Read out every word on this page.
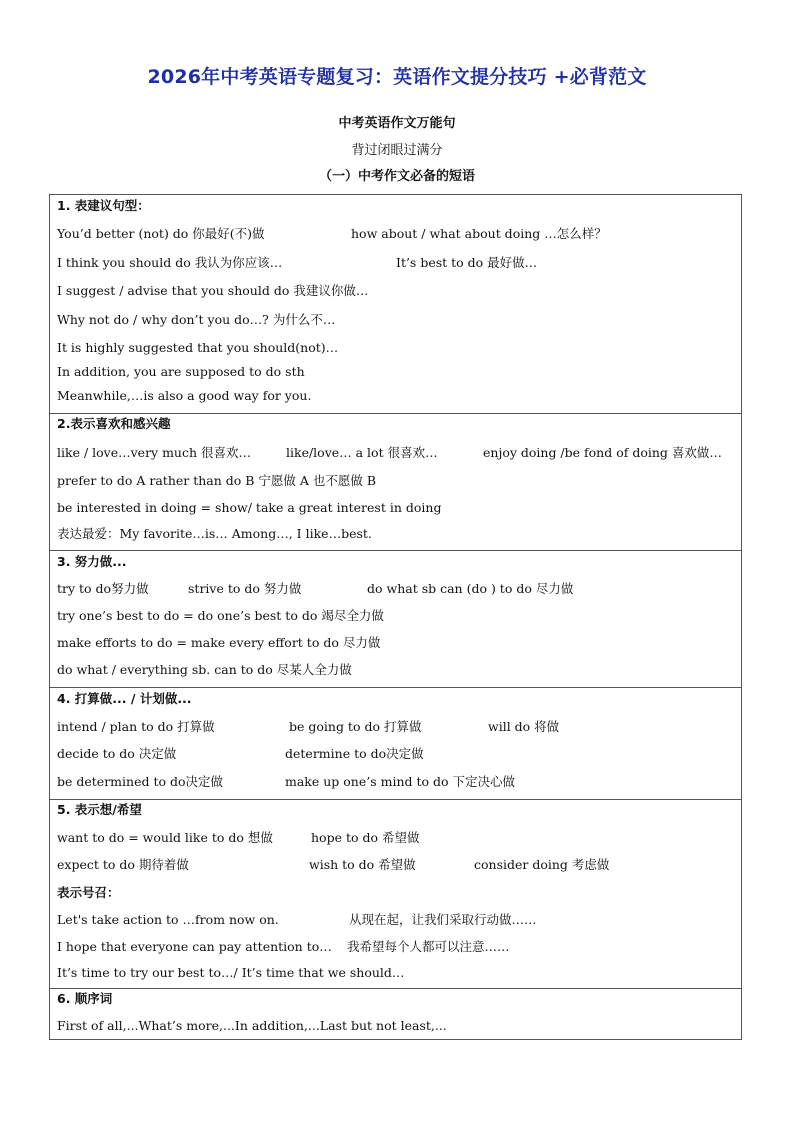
2026年中考英语专题复习：英语作文提分技巧 +必背范文
中考英语作文万能句
背过闭眼过满分
（一）中考作文必备的短语
1. 表建议句型：
You’d better (not) do 你最好(不)做	how about / what about doing …怎么样？
I think you should do 我认为你应该…	It’s best to do 最好做…
I suggest / advise that you should do 我建议你做…
Why not do / why don’t you do…? 为什么不…
It is highly suggested that you should(not)…
In addition, you are supposed to do sth
Meanwhile,…is also a good way for you.
2.表示喜欢和感兴趣
like / love…very much 很喜欢…	like/love… a lot 很喜欢…	enjoy doing /be fond of doing 喜欢做…
prefer to do A rather than do B 宁愿做 A 也不愿做 B
be interested in doing = show/ take a great interest in doing
表达最爱：My favorite…is… Among…, I like…best.
3. 努力做...
try to do努力做	strive to do 努力做	do what sb can (do ) to do 尽力做
try one’s best to do = do one’s best to do 竭尽全力做
make efforts to do = make every effort to do 尽力做
do what / everything sb. can to do 尽某人全力做
4. 打算做... / 计划做...
intend / plan to do 打算做	be going to do 打算做	will do 将做
decide to do 决定做	determine to do决定做
be determined to do决定做	make up one’s mind to do 下定决心做
5. 表示想/希望
want to do = would like to do 想做	hope to do 希望做
expect to do 期待着做	wish to do 希望做	consider doing 考虑做
表示号召：
Let's take action to …from now on.	从现在起，让我们采取行动做……
I hope that everyone can pay attention to… 我希望每个人都可以注意……
It’s time to try our best to…/ It’s time that we should…
6. 顺序词
First of all,...What’s more,...In addition,...Last but not least,...
